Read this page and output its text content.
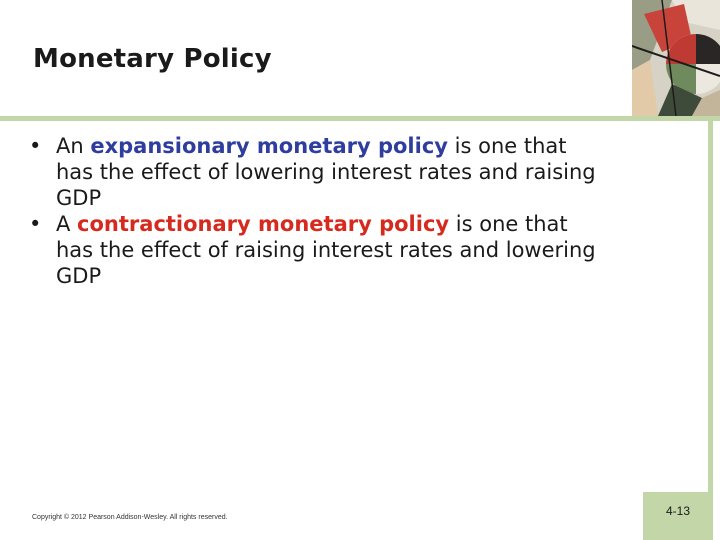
Monetary Policy
• An expansionary monetary policy is one that
has the effect of lowering interest rates and raising
GDP
• A contractionary monetary policy is one that
has the effect of raising interest rates and lowering
GDP
Copyright © 2012 Pearson Addison-Wesley. All rights reserved.	4-13
